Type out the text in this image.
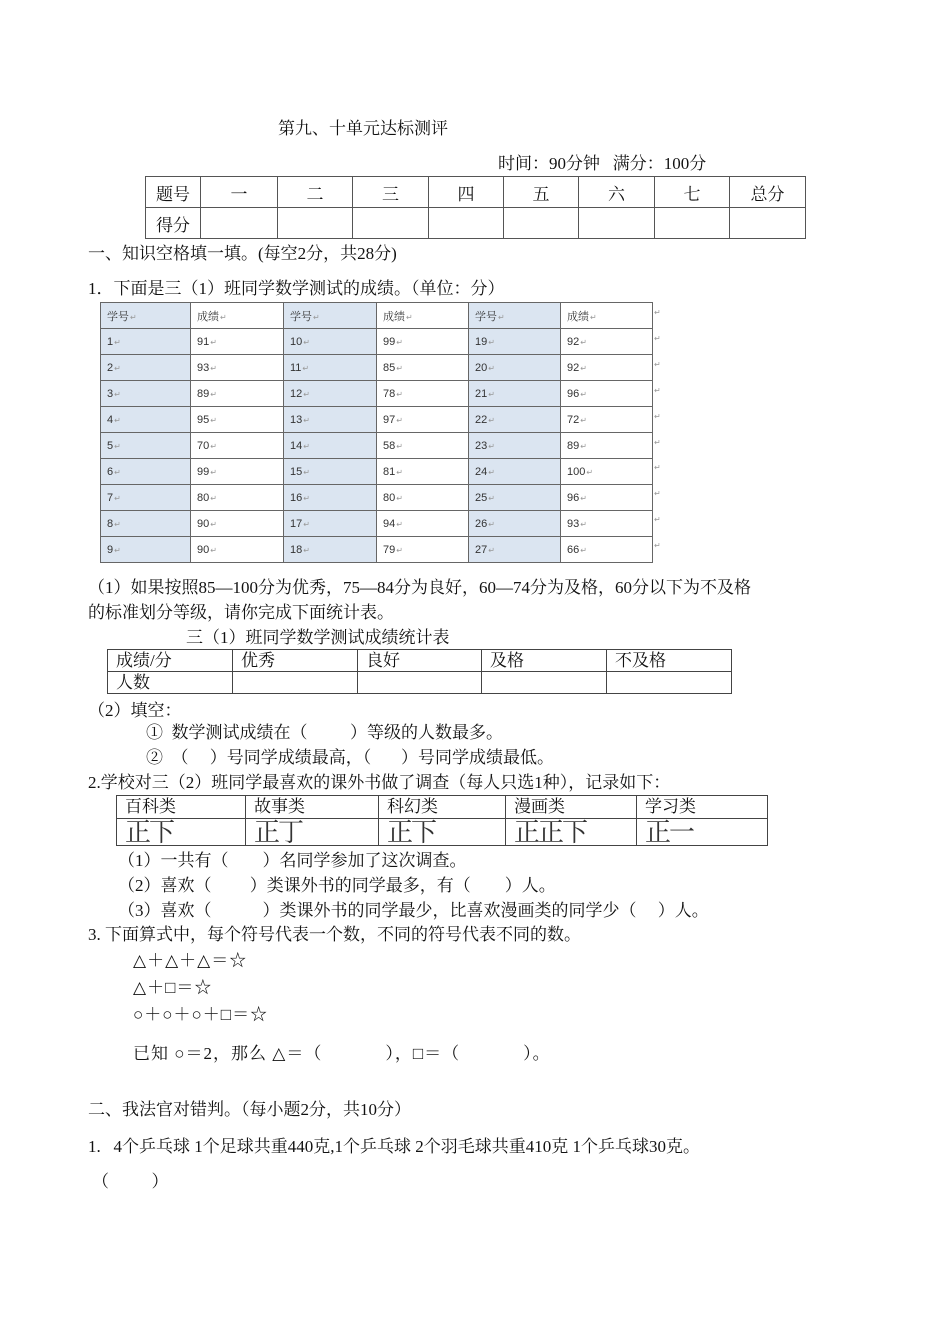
第九、十单元达标测评
时间：90分钟   满分：100分
题号	一	二	三	四	五	六	七	总分
得分								
一、知识空格填一填。(每空2分，共28分)
1．下面是三（1）班同学数学测试的成绩。（单位：分）
学号↵	成绩↵	学号↵	成绩↵	学号↵	成绩↵
1↵	91↵	10↵	99↵	19↵	92↵
2↵	93↵	11↵	85↵	20↵	92↵
3↵	89↵	12↵	78↵	21↵	96↵
4↵	95↵	13↵	97↵	22↵	72↵
5↵	70↵	14↵	58↵	23↵	89↵
6↵	99↵	15↵	81↵	24↵	100↵
7↵	80↵	16↵	80↵	25↵	96↵
8↵	90↵	17↵	94↵	26↵	93↵
9↵	90↵	18↵	79↵	27↵	66↵
↵
↵
↵
↵
↵
↵
↵
↵
↵
↵
（1）如果按照85—100分为优秀，75—84分为良好，60—74分为及格，60分以下为不及格
的标准划分等级，请你完成下面统计表。
三（1）班同学数学测试成绩统计表
成绩/分	优秀	良好	及格	不及格
人数				
（2）填空：
①  数学测试成绩在（          ）等级的人数最多。
②  （     ）号同学成绩最高，（       ）号同学成绩最低。
2.学校对三（2）班同学最喜欢的课外书做了调查（每人只选1种），记录如下：
百科类	故事类	科幻类	漫画类	学习类
正下	正丁	正下	正正下	正一
（1）一共有（        ）名同学参加了这次调查。
（2）喜欢（         ）类课外书的同学最多，有（        ）人。
（3）喜欢（            ）类课外书的同学最少，比喜欢漫画类的同学少（     ）人。
3. 下面算式中，每个符号代表一个数，不同的符号代表不同的数。
△＋△＋△＝☆
△＋□＝☆
○＋○＋○＋□＝☆
已知 ○＝2，那么 △＝（            ），□＝（            ）。
二、我法官对错判。（每小题2分，共10分）
1.   4个乒乓球 1个足球共重440克,1个乒乓球 2个羽毛球共重410克 1个乒乓球30克。
（          ）
